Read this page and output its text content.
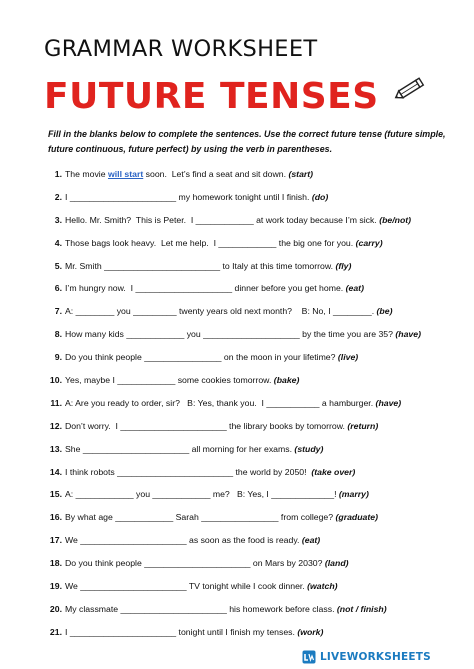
GRAMMAR WORKSHEET
FUTURE TENSES
Fill in the blanks below to complete the sentences. Use the correct future tense (future simple, future continuous, future perfect) by using the verb in parentheses.
1. The movie will start soon.  Let’s find a seat and sit down. (start)
2. I ______________________ my homework tonight until I finish. (do)
3. Hello. Mr. Smith?  This is Peter.  I ____________ at work today because I’m sick. (be/not)
4. Those bags look heavy.  Let me help.  I ____________ the big one for you. (carry)
5. Mr. Smith ________________________ to Italy at this time tomorrow. (fly)
6. I’m hungry now.  I ____________________ dinner before you get home. (eat)
7. A: ________ you _________ twenty years old next month?    B: No, I ________. (be)
8. How many kids ____________ you ____________________ by the time you are 35? (have)
9. Do you think people ________________ on the moon in your lifetime? (live)
10. Yes, maybe I ____________ some cookies tomorrow. (bake)
11. A: Are you ready to order, sir?   B: Yes, thank you.  I ___________ a hamburger. (have)
12. Don’t worry.  I ______________________ the library books by tomorrow. (return)
13. She ______________________ all morning for her exams. (study)
14. I think robots ________________________ the world by 2050!  (take over)
15. A: ____________ you ____________ me?   B: Yes, I _____________! (marry)
16. By what age ____________ Sarah ________________ from college? (graduate)
17. We ______________________ as soon as the food is ready. (eat)
18. Do you think people ______________________ on Mars by 2030? (land)
19. We ______________________ TV tonight while I cook dinner. (watch)
20. My classmate ______________________ his homework before class. (not / finish)
21. I ______________________ tonight until I finish my tenses. (work)
LIVEWORKSHEETS
